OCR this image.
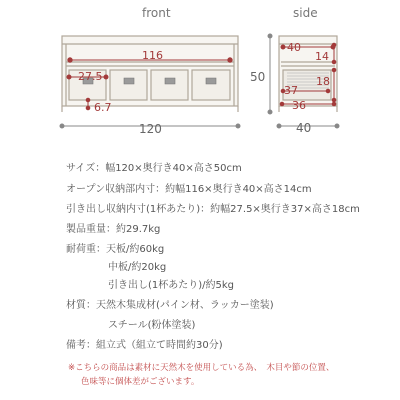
front
116
27.5
6.7
120
side
40
14
50	18
37
36
40
サイズ：幅120×奥行き40×高さ50cm
オープン収納部内寸：約幅116×奥行き40×高さ14cm
引き出し収納内寸(1杯あたり)：約幅27.5×奥行き37×高さ18cm
製品重量：約29.7kg
耐荷重：天板/約60kg
中板/約20kg
引き出し(1杯あたり)/約5kg
材質：天然木集成材(パイン材、ラッカー塗装)
スチール(粉体塗装)
備考：組立式（組立て時間約30分)
※こちらの商品は素材に天然木を使用している為、　木目や節の位置、
色味等に個体差がございます。
